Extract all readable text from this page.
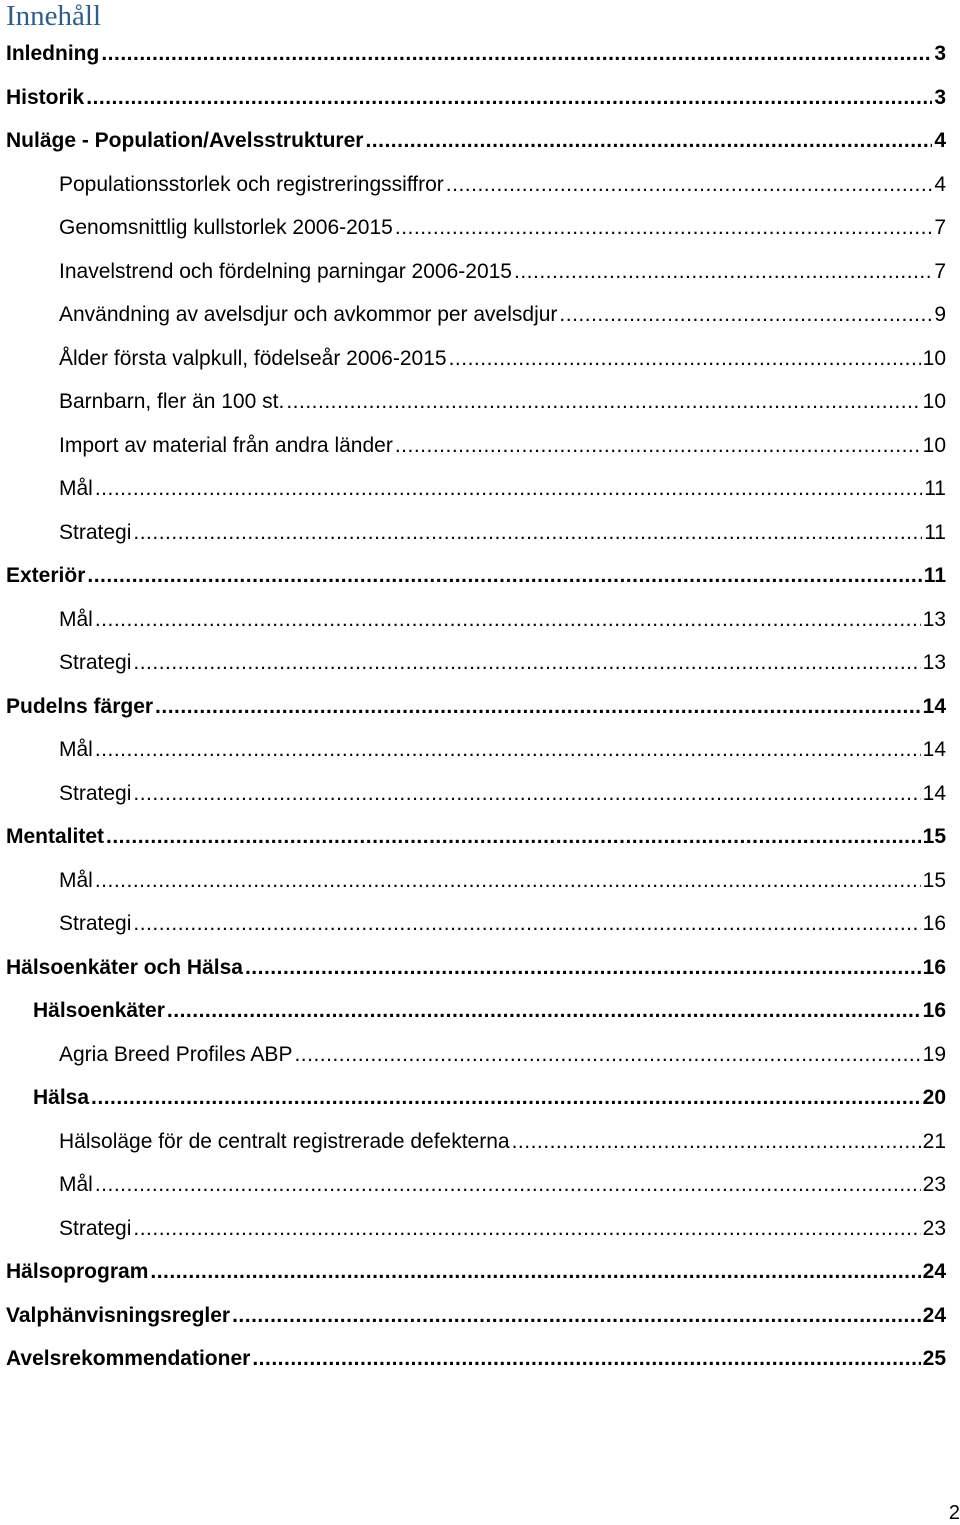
Innehåll
Inledning .....	3
Historik .....	3
Nuläge - Population/Avelsstrukturer .....	4
Populationsstorlek och registreringssiffror .....	4
Genomsnittlig kullstorlek 2006-2015 .....	7
Inavelstrend och fördelning parningar 2006-2015 .....	7
Användning av avelsdjur och avkommor per avelsdjur .....	9
Ålder första valpkull, födelseår 2006-2015 .....	10
Barnbarn, fler än 100 st. .....	10
Import av material från andra länder .....	10
Mål .....	11
Strategi .....	11
Exteriör .....	11
Mål .....	13
Strategi .....	13
Pudelns färger .....	14
Mål .....	14
Strategi .....	14
Mentalitet .....	15
Mål .....	15
Strategi .....	16
Hälsoenkäter och Hälsa .....	16
Hälsoenkäter .....	16
Agria Breed Profiles ABP .....	19
Hälsa .....	20
Hälsoläge för de centralt registrerade defekterna .....	21
Mål .....	23
Strategi .....	23
Hälsoprogram .....	24
Valphänvisningsregler .....	24
Avelsrekommendationer .....	25
2
